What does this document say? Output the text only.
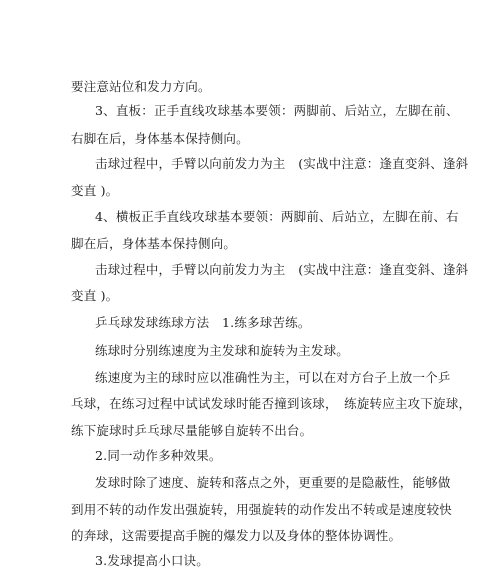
要注意站位和发力方向。
3、直板：正手直线攻球基本要领：两脚前、后站立，左脚在前、
右脚在后，身体基本保持侧向。
击球过程中，手臂以向前发力为主　(实战中注意：逢直变斜、逢斜
变直 )。
4、横板正手直线攻球基本要领：两脚前、后站立，左脚在前、右
脚在后，身体基本保持侧向。
击球过程中，手臂以向前发力为主　(实战中注意：逢直变斜、逢斜
变直 )。
乒乓球发球练球方法　1.练多球苦练。
练球时分别练速度为主发球和旋转为主发球。
练速度为主的球时应以准确性为主，可以在对方台子上放一个乒
乓球，在练习过程中试试发球时能否撞到该球，　练旋转应主攻下旋球，
练下旋球时乒乓球尽量能够自旋转不出台。
2.同一动作多种效果。
发球时除了速度、旋转和落点之外，更重要的是隐蔽性，能够做
到用不转的动作发出强旋转，用强旋转的动作发出不转或是速度较快
的奔球，这需要提高手腕的爆发力以及身体的整体协调性。
3.发球提高小口诀。
